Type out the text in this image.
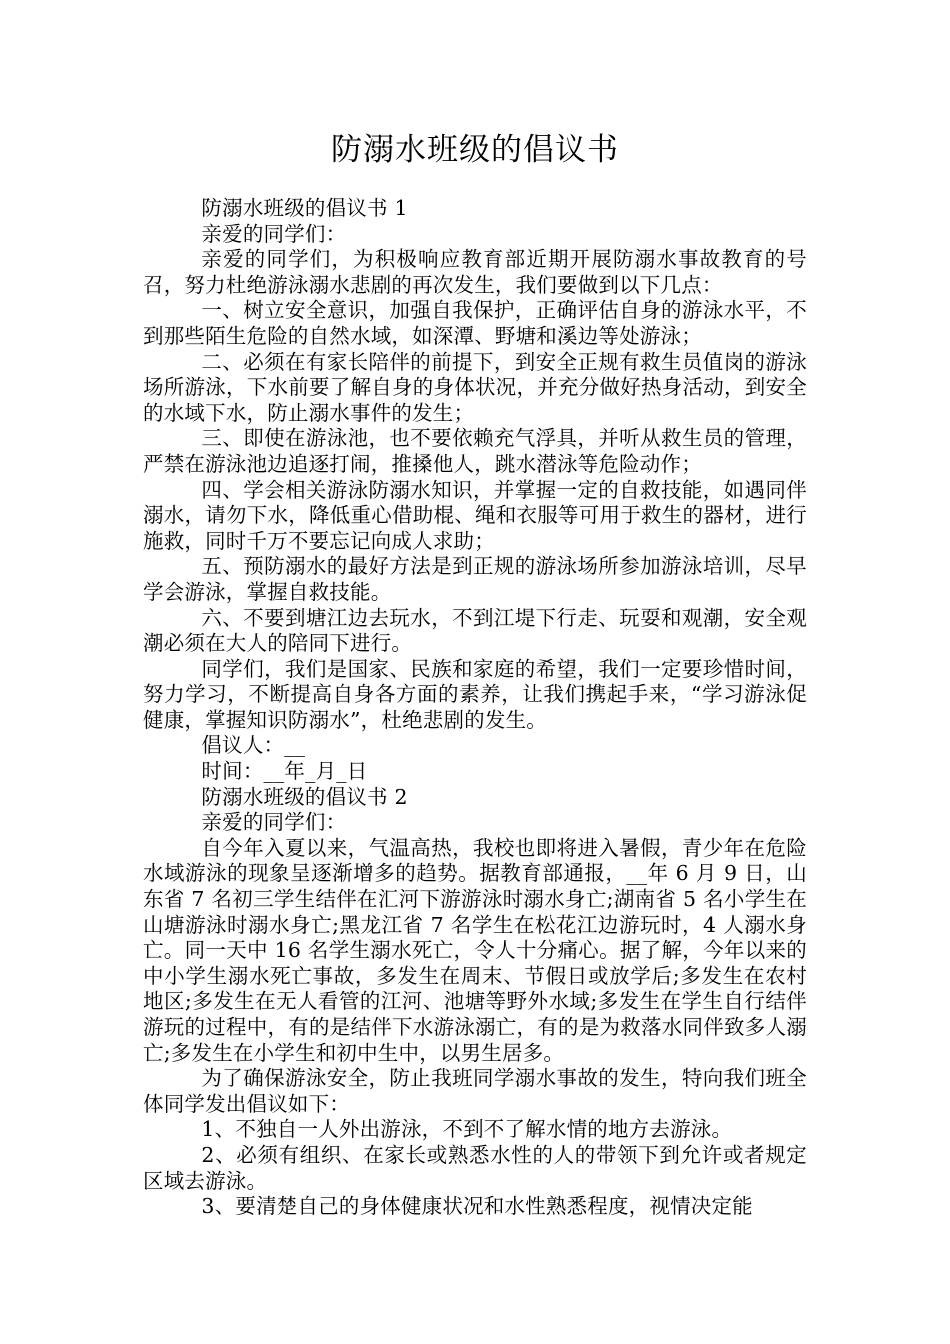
防溺水班级的倡议书

防溺水班级的倡议书 1

亲爱的同学们：

亲爱的同学们，为积极响应教育部近期开展防溺水事故教育的号召，努力杜绝游泳溺水悲剧的再次发生，我们要做到以下几点：

一、树立安全意识，加强自我保护，正确评估自身的游泳水平，不到那些陌生危险的自然水域，如深潭、野塘和溪边等处游泳；

二、必须在有家长陪伴的前提下，到安全正规有救生员值岗的游泳场所游泳，下水前要了解自身的身体状况，并充分做好热身活动，到安全的水域下水，防止溺水事件的发生；

三、即使在游泳池，也不要依赖充气浮具，并听从救生员的管理，严禁在游泳池边追逐打闹，推搡他人，跳水潜泳等危险动作；

四、学会相关游泳防溺水知识，并掌握一定的自救技能，如遇同伴溺水，请勿下水，降低重心借助棍、绳和衣服等可用于救生的器材，进行施救，同时千万不要忘记向成人求助；

五、预防溺水的最好方法是到正规的游泳场所参加游泳培训，尽早学会游泳，掌握自救技能。

六、不要到塘江边去玩水，不到江堤下行走、玩耍和观潮，安全观潮必须在大人的陪同下进行。

同学们，我们是国家、民族和家庭的希望，我们一定要珍惜时间，努力学习，不断提高自身各方面的素养，让我们携起手来，“学习游泳促健康，掌握知识防溺水”，杜绝悲剧的发生。

倡议人：__

时间：__年_月_日

防溺水班级的倡议书 2

亲爱的同学们：

自今年入夏以来，气温高热，我校也即将进入暑假，青少年在危险水域游泳的现象呈逐渐增多的趋势。据教育部通报，__年 6 月 9 日，山东省 7 名初三学生结伴在汇河下游游泳时溺水身亡;湖南省 5 名小学生在山塘游泳时溺水身亡;黑龙江省 7 名学生在松花江边游玩时，4 人溺水身亡。同一天中 16 名学生溺水死亡，令人十分痛心。据了解，今年以来的中小学生溺水死亡事故，多发生在周末、节假日或放学后;多发生在农村地区;多发生在无人看管的江河、池塘等野外水域;多发生在学生自行结伴游玩的过程中，有的是结伴下水游泳溺亡，有的是为救落水同伴致多人溺亡;多发生在小学生和初中生中，以男生居多。

为了确保游泳安全，防止我班同学溺水事故的发生，特向我们班全体同学发出倡议如下：

1、不独自一人外出游泳，不到不了解水情的地方去游泳。

2、必须有组织、在家长或熟悉水性的人的带领下到允许或者规定区域去游泳。

3、要清楚自己的身体健康状况和水性熟悉程度，视情决定能
